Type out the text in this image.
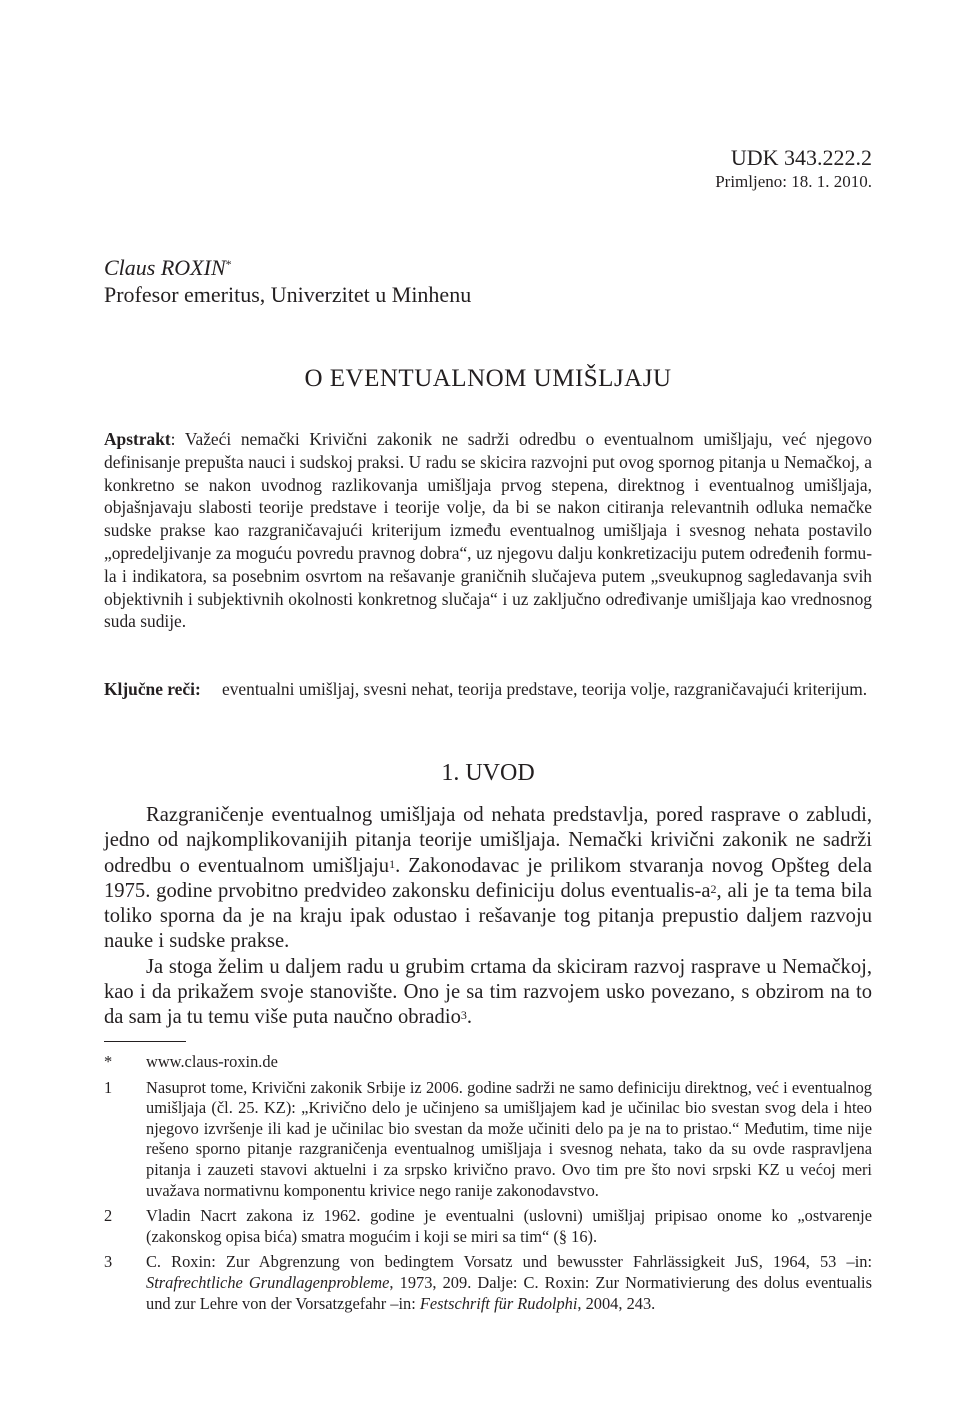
UDK 343.222.2
Primljeno: 18. 1. 2010.
Claus ROXIN*
Profesor emeritus, Univerzitet u Minhenu
O EVENTUALNOM UMIŠLJAJU

Apstrakt: Važeći nemački Krivični zakonik ne sadrži odredbu o eventualnom umišljaju, već njegovo definisanje prepušta nauci i sudskoj praksi. U radu se skicira razvojni put ovog spornog pitanja u Nemačkoj, a konkretno se nakon uvodnog razlikovanja umišljaja prvog stepena, direktnog i eventualnog umišljaja, objašnjavaju slabosti teorije predstave i teorije volje, da bi se nakon citiranja relevantnih odluka nemačke sudske prakse kao razgraničavajući kriterijum između eventualnog umišljaja i svesnog nehata postavilo „opredeljivanje za moguću povredu pravnog dobra“, uz njegovu dalju konkretizaciju putem određenih formula i indikatora, sa posebnim osvrtom na rešavanje graničnih slučajeva putem „sveukupnog sagledavanja svih objektivnih i subjektivnih okolnosti konkretnog slučaja“ i uz zaključno određivanje umišljaja kao vrednosnog suda sudije.

Ključne reči:	eventualni umišljaj, svesni nehat, teorija predstave, teorija volje, razgraničavajući kriterijum.
1. UVOD

Razgraničenje eventualnog umišljaja od nehata predstavlja, pored rasprave o zabludi, jedno od najkomplikovanijih pitanja teorije umišljaja. Nemački krivični zakonik ne sadrži odredbu o eventualnom umišljaju$^1$. Zakonodavac je prilikom stvaranja novog Opšteg dela 1975. godine prvobitno predvideo zakonsku definiciju dolus eventualis-$a^2$, ali je ta tema bila toliko sporna da je na kraju ipak odustao i rešavanje tog pitanja prepustio daljem razvoju nauke i sudske prakse.

Ja stoga želim u daljem radu u grubim crtama da skiciram razvoj rasprave u Nemačkoj, kao i da prikažem svoje stanovište. Ono je sa tim razvojem usko povezano, s obzirom na to da sam ja tu temu više puta naučno obradio$^3$.

*	www.claus-roxin.de
1	Nasuprot tome, Krivični zakonik Srbije iz 2006. godine sadrži ne samo definiciju direktnog, već i eventualnog umišljaja (čl. 25. KZ): „Krivično delo je učinjeno sa umišljajem kad je učinilac bio svestan svog dela i hteo njegovo izvršenje ili kad je učinilac bio svestan da može učiniti delo pa je na to pristao.“ Međutim, time nije rešeno sporno pitanje razgraničenja eventualnog umišljaja i svesnog nehata, tako da su ovde raspravljena pitanja i zauzeti stavovi aktuelni i za srpsko krivično pravo. Ovo tim pre što novi srpski KZ u većoj meri uvažava normativnu komponentu krivice nego ranije zakonodavstvo.
2	Vladin Nacrt zakona iz 1962. godine je eventualni (uslovni) umišljaj pripisao onome ko „ostvarenje (zakonskog opisa bića) smatra mogućim i koji se miri sa tim“ (§ 16).
3	C. Roxin: Zur Abgrenzung von bedingtem Vorsatz und bewusster Fahrlässigkeit JuS, 1964, 53 –in: Strafrechtliche Grundlagenprobleme, 1973, 209. Dalje: C. Roxin: Zur Normativierung des dolus eventualis und zur Lehre von der Vorsatzgefahr –in: Festschrift für Rudolphi, 2004, 243.
